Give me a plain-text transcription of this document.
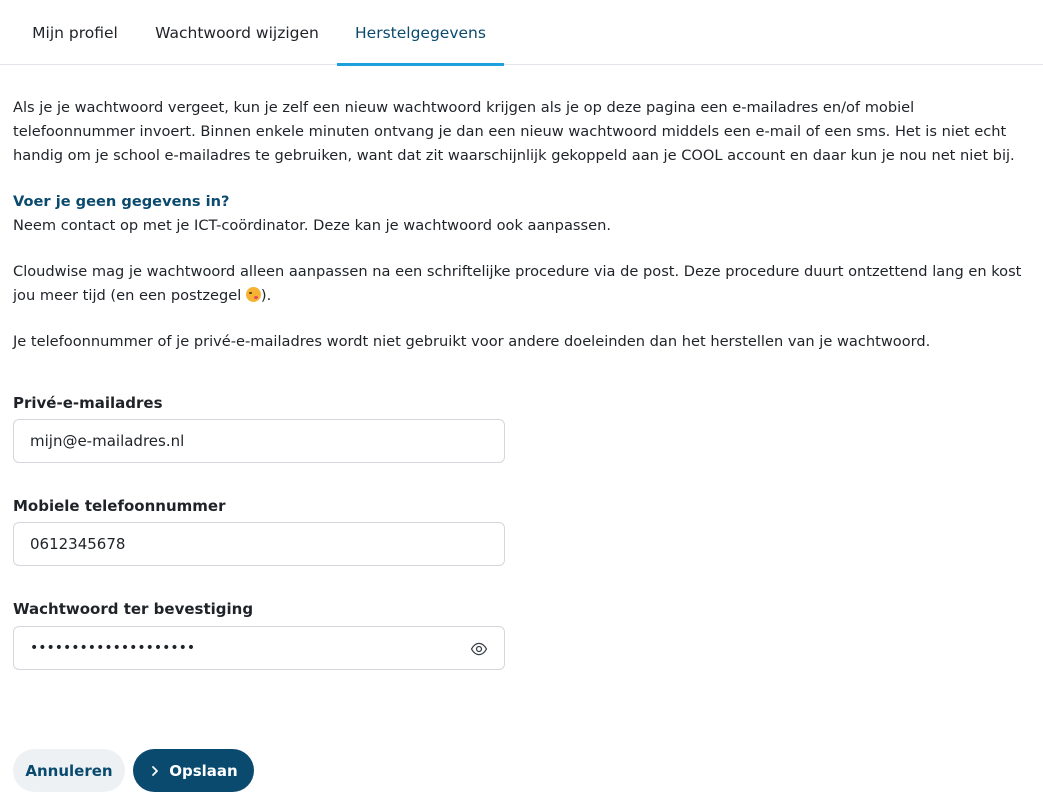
Mijn profiel	Wachtwoord wijzigen	Herstelgegevens

Als je je wachtwoord vergeet, kun je zelf een nieuw wachtwoord krijgen als je op deze pagina een e-mailadres en/of mobiel telefoonnummer invoert. Binnen enkele minuten ontvang je dan een nieuw wachtwoord middels een e-mail of een sms. Het is niet echt handig om je school e-mailadres te gebruiken, want dat zit waarschijnlijk gekoppeld aan je COOL account en daar kun je nou net niet bij.

Voer je geen gegevens in?

Neem contact op met je ICT-coördinator. Deze kan je wachtwoord ook aanpassen.

Cloudwise mag je wachtwoord alleen aanpassen na een schriftelijke procedure via de post. Deze procedure duurt ontzettend lang en kost jou meer tijd (en een postzegel ).

Je telefoonnummer of je privé-e-mailadres wordt niet gebruikt voor andere doeleinden dan het herstellen van je wachtwoord.

Privé-e-mailadres
mijn@e-mailadres.nl
Mobiele telefoonnummer
0612345678
Wachtwoord ter bevestiging
••••••••••••••••••••
Annuleren	Opslaan
